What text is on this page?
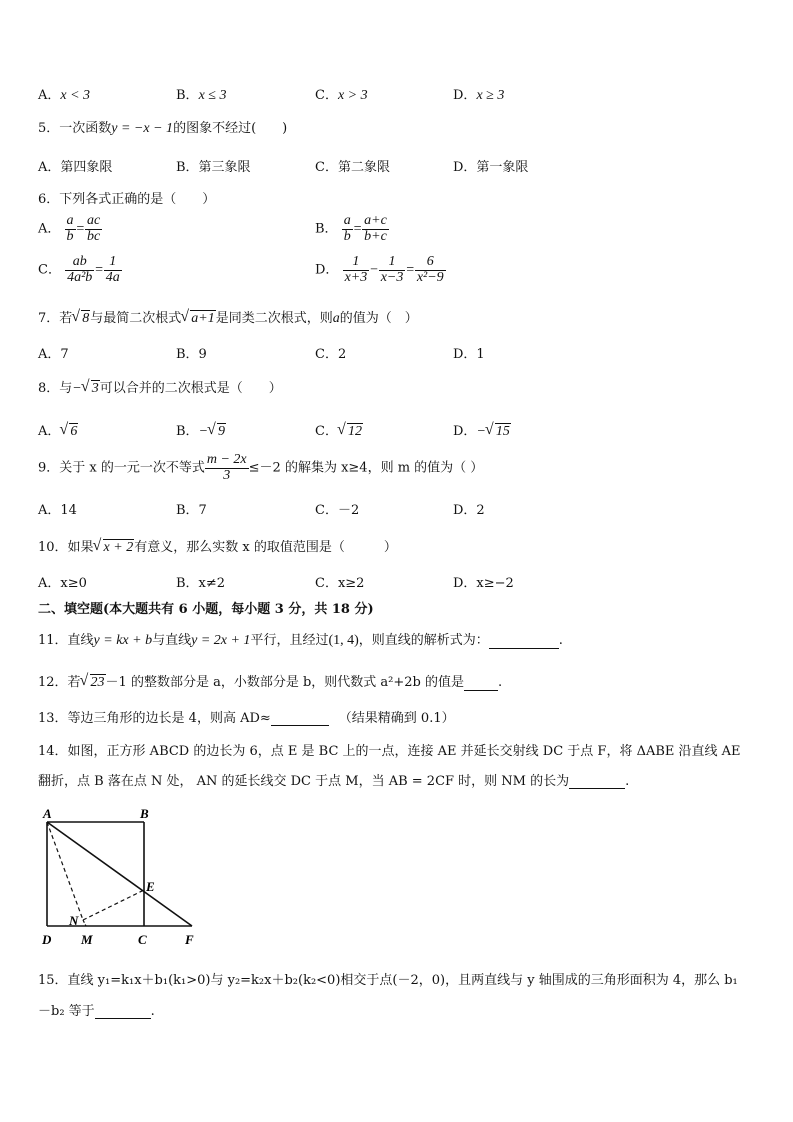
A．x < 3	B．x ≤ 3	C．x > 3	D．x ≥ 3
5．一次函数y = −x − 1的图象不经过(　　)
A．第四象限	B．第三象限	C．第二象限	D．第一象限
6．下列各式正确的是（　　）
A． $\frac{a}{b} = \frac{ac}{bc}$	B． $\frac{a}{b} = \frac{a+c}{b+c}$
C． $\frac{ab}{\text{4a²b}} = \frac{1}{4a}$	D． $\frac{1}{x+3} - \frac{1}{x-3} = \frac{6}{\text{x²−9}}$
7．若 √ 8与最简二次根式 √ a+1是同类二次根式，则a的值为（　）
A．7	B．9	C．2	D．1
8．与− √ 3可以合并的二次根式是（　　）
A． √ 6	B．− √ 9	C． √ 12	D．− √ 15
9．关于 x 的一元一次不等式 $\frac{m - 2x}{3} \le-2$ 的解集为 x≥4，则 m 的值为（ ）
A．14	B．7	C．－2	D．2
10．如果 √ x + 2有意义，那么实数 x 的取值范围是（　　　）
A．x≥0	B．x≠2	C．x≥2	D．x≥−2
二、填空题(本大题共有 6 小题，每小题 3 分，共 18 分)
11．直线y = kx + b与直线y = 2x + 1平行，且经过(1, 4)，则直线的解析式为：	.
12．若 √ 23－1 的整数部分是 a，小数部分是 b，则代数式 a²+2b 的值是	.
13．等边三角形的边长是 4，则高 AD≈	（结果精确到 0.1）
14．如图，正方形 ABCD 的边长为 6，点 E 是 BC 上的一点，连接 AE 并延长交射线 DC 于点 F，将 ΔABE 沿直线 AE
翻折，点 B 落在点 N 处， AN 的延长线交 DC 于点 M，当 AB = 2CF 时，则 NM 的长为	.
A	B
E
N
D M	C	F
15．直线 y₁=k₁x＋b₁(k₁>0)与 y₂=k₂x＋b₂(k₂<0)相交于点(－2，0)，且两直线与 y 轴围成的三角形面积为 4，那么 b₁
－b₂ 等于	.
